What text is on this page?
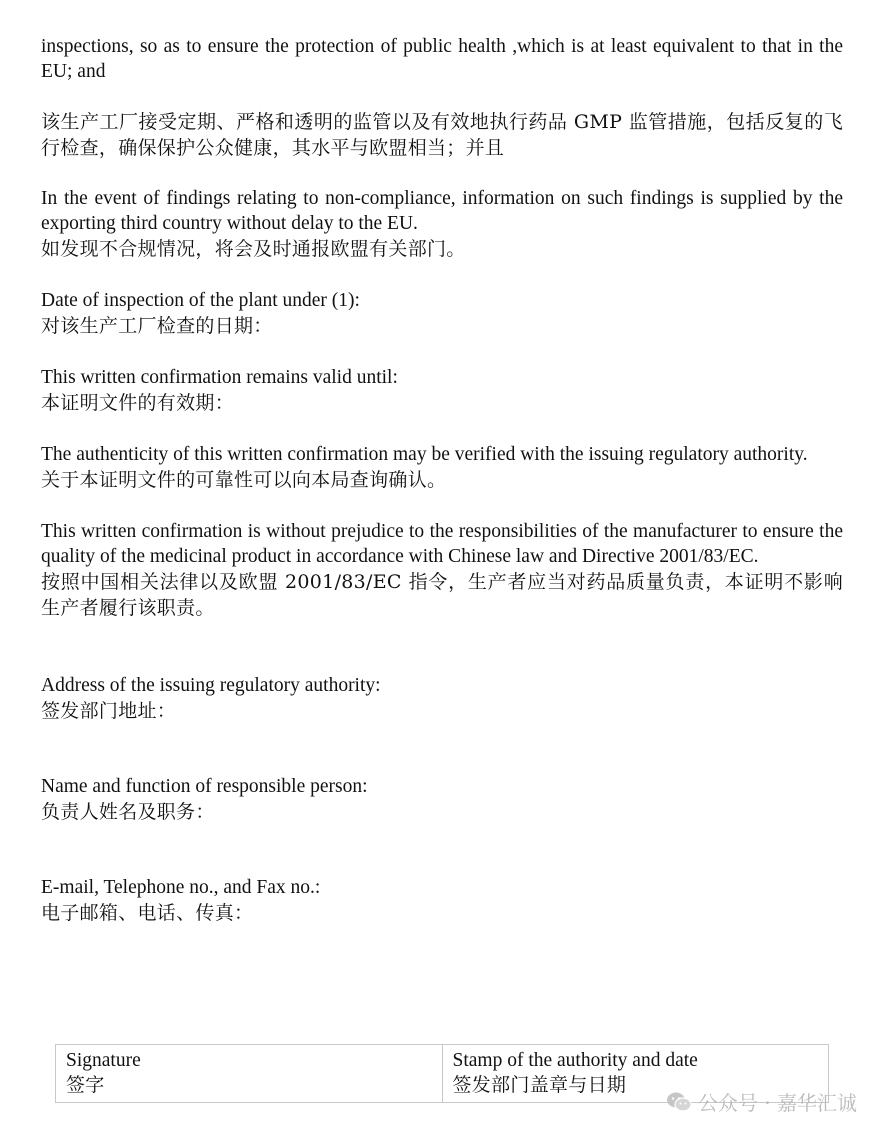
inspections, so as to ensure the protection of public health ,which is at least equivalent to that in the EU; and

该生产工厂接受定期、严格和透明的监管以及有效地执行药品 GMP 监管措施，包括反复的飞行检查，确保保护公众健康，其水平与欧盟相当；并且

In the event of findings relating to non-compliance, information on such findings is supplied by the exporting third country without delay to the EU.

如发现不合规情况，将会及时通报欧盟有关部门。

Date of inspection of the plant under (1):

对该生产工厂检查的日期：

This written confirmation remains valid until:

本证明文件的有效期：

The authenticity of this written confirmation may be verified with the issuing regulatory authority.

关于本证明文件的可靠性可以向本局查询确认。

This written confirmation is without prejudice to the responsibilities of the manufacturer to ensure the quality of the medicinal product in accordance with Chinese law and Directive 2001/83/EC.

按照中国相关法律以及欧盟 2001/83/EC 指令，生产者应当对药品质量负责，本证明不影响生产者履行该职责。

Address of the issuing regulatory authority:

签发部门地址：

Name and function of responsible person:

负责人姓名及职务：

E-mail, Telephone no., and Fax no.:

电子邮箱、电话、传真：

Signature
签字

Stamp of the authority and date
签发部门盖章与日期
公众号 · 嘉华汇诚
